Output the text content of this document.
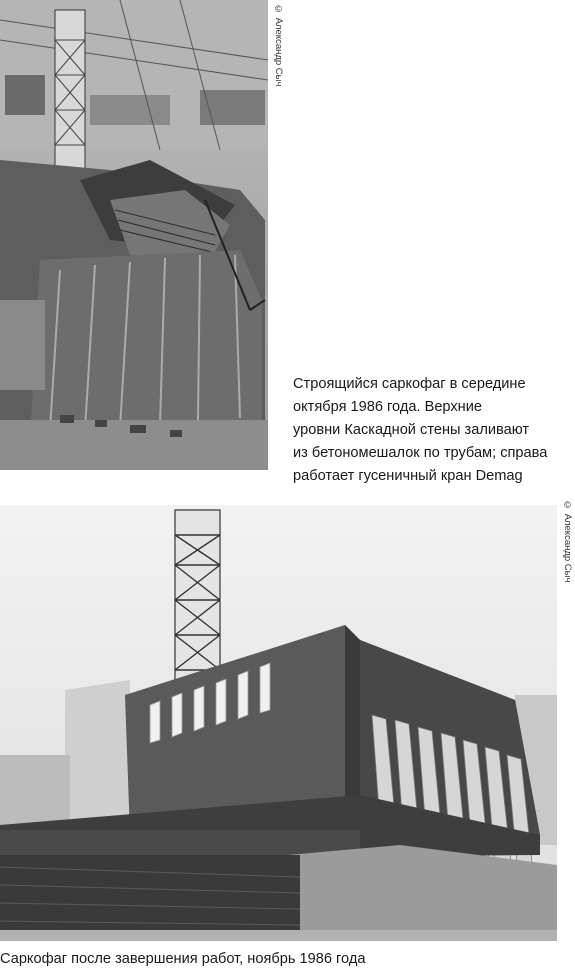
© Александр Сыч
Строящийся саркофаг в середине
октября 1986 года. Верхние
уровни Каскадной стены заливают
из бетономешалок по трубам; справа
работает гусеничный кран Demag
© Александр Сыч
Саркофаг после завершения работ, ноябрь 1986 года
